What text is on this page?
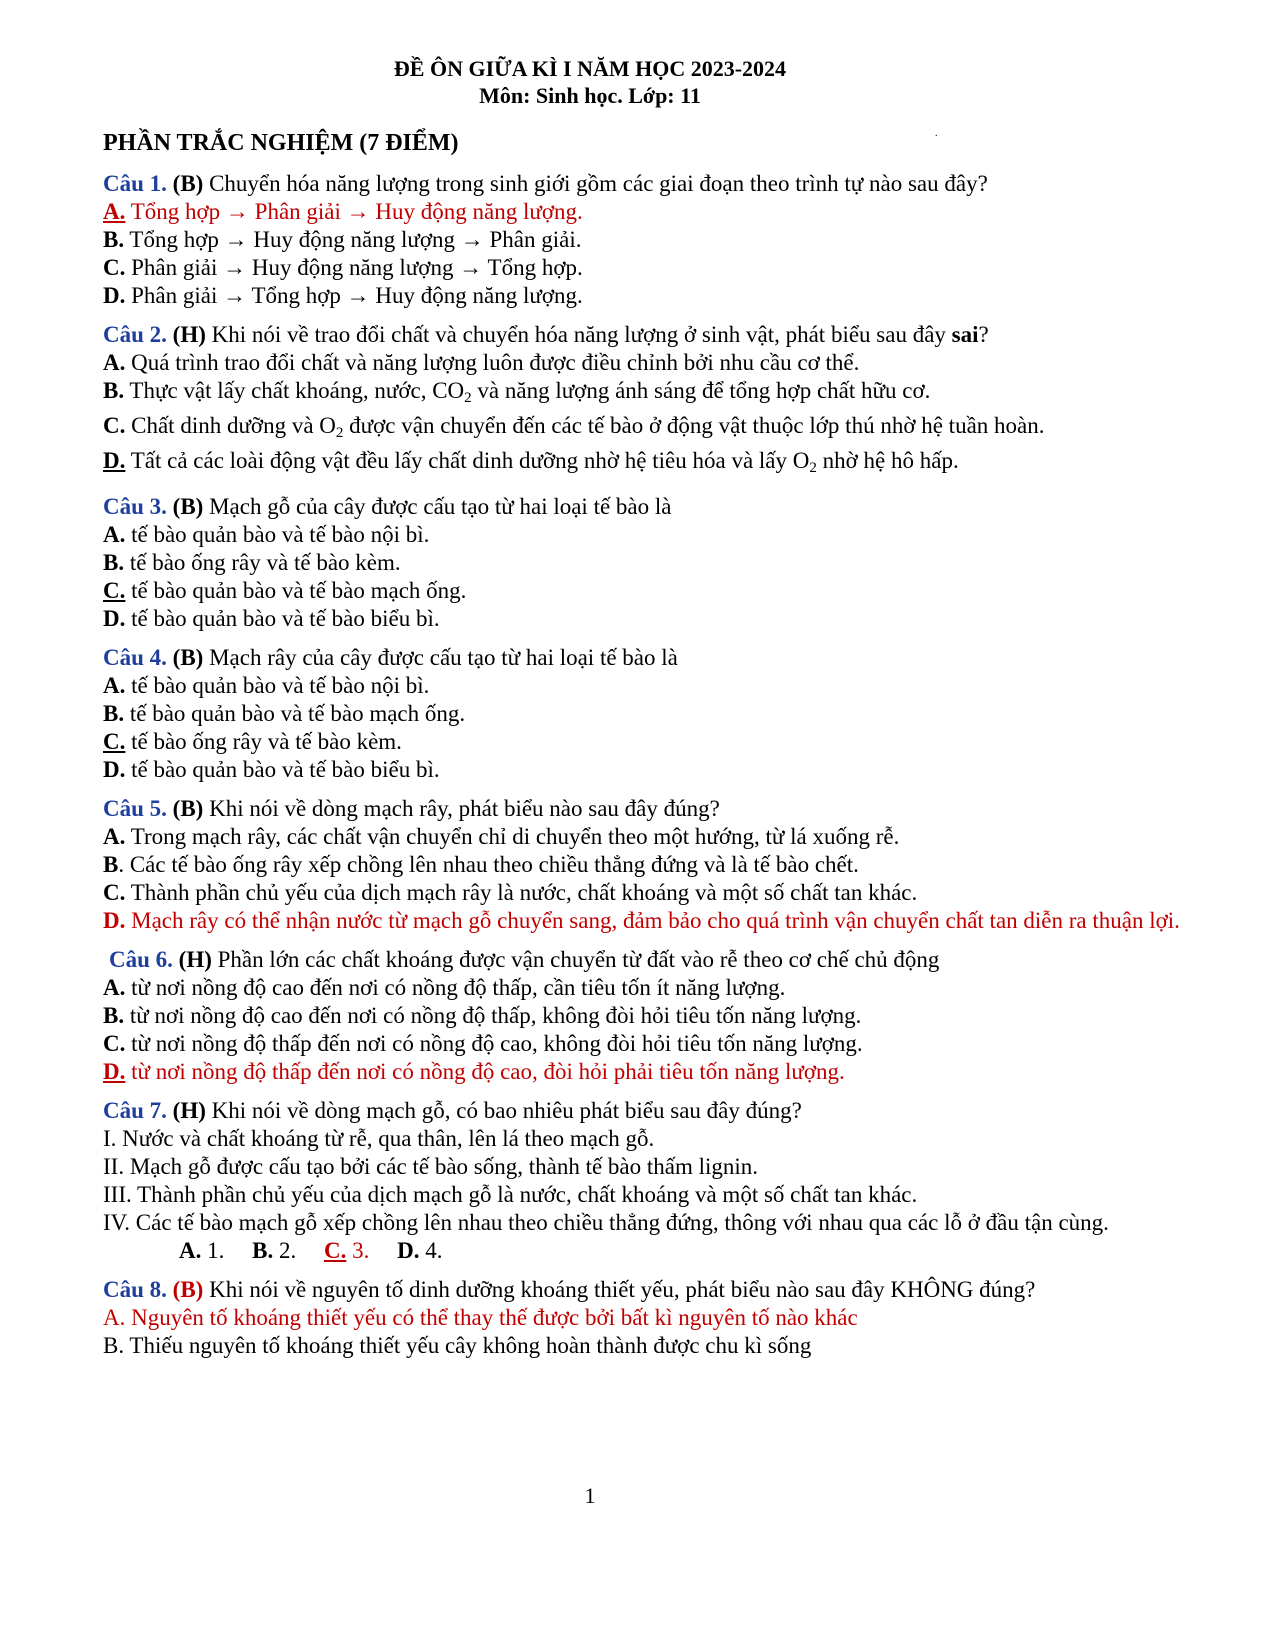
ĐỀ ÔN GIỮA KÌ I NĂM HỌC 2023-2024
Môn: Sinh học. Lớp: 11
.
PHẦN TRẮC NGHIỆM (7 ĐIỂM)
Câu 1. (B) Chuyển hóa năng lượng trong sinh giới gồm các giai đoạn theo trình tự nào sau đây?
A. Tổng hợp → Phân giải → Huy động năng lượng.
B. Tổng hợp → Huy động năng lượng → Phân giải.
C. Phân giải → Huy động năng lượng → Tổng hợp.
D. Phân giải → Tổng hợp → Huy động năng lượng.
Câu 2. (H) Khi nói về trao đổi chất và chuyển hóa năng lượng ở sinh vật, phát biểu sau đây sai?
A. Quá trình trao đổi chất và năng lượng luôn được điều chỉnh bởi nhu cầu cơ thể.
B. Thực vật lấy chất khoáng, nước, $CO_2$ và năng lượng ánh sáng để tổng hợp chất hữu cơ.
C. Chất dinh dưỡng và $O_2$ được vận chuyển đến các tế bào ở động vật thuộc lớp thú nhờ hệ tuần hoàn.
D. Tất cả các loài động vật đều lấy chất dinh dưỡng nhờ hệ tiêu hóa và lấy $O_2$ nhờ hệ hô hấp.
Câu 3. (B) Mạch gỗ của cây được cấu tạo từ hai loại tế bào là
A. tế bào quản bào và tế bào nội bì.
B. tế bào ống rây và tế bào kèm.
C. tế bào quản bào và tế bào mạch ống.
D. tế bào quản bào và tế bào biểu bì.
Câu 4. (B) Mạch rây của cây được cấu tạo từ hai loại tế bào là
A. tế bào quản bào và tế bào nội bì.
B. tế bào quản bào và tế bào mạch ống.
C. tế bào ống rây và tế bào kèm.
D. tế bào quản bào và tế bào biểu bì.
Câu 5. (B) Khi nói về dòng mạch rây, phát biểu nào sau đây đúng?
A. Trong mạch rây, các chất vận chuyển chỉ di chuyển theo một hướng, từ lá xuống rễ.
B. Các tế bào ống rây xếp chồng lên nhau theo chiều thẳng đứng và là tế bào chết.
C. Thành phần chủ yếu của dịch mạch rây là nước, chất khoáng và một số chất tan khác.
D. Mạch rây có thể nhận nước từ mạch gỗ chuyển sang, đảm bảo cho quá trình vận chuyển chất tan diễn ra thuận lợi.
Câu 6. (H) Phần lớn các chất khoáng được vận chuyển từ đất vào rễ theo cơ chế chủ động
A. từ nơi nồng độ cao đến nơi có nồng độ thấp, cần tiêu tốn ít năng lượng.
B. từ nơi nồng độ cao đến nơi có nồng độ thấp, không đòi hỏi tiêu tốn năng lượng.
C. từ nơi nồng độ thấp đến nơi có nồng độ cao, không đòi hỏi tiêu tốn năng lượng.
D. từ nơi nồng độ thấp đến nơi có nồng độ cao, đòi hỏi phải tiêu tốn năng lượng.
Câu 7. (H) Khi nói về dòng mạch gỗ, có bao nhiêu phát biểu sau đây đúng?
I. Nước và chất khoáng từ rễ, qua thân, lên lá theo mạch gỗ.
II. Mạch gỗ được cấu tạo bởi các tế bào sống, thành tế bào thấm lignin.
III. Thành phần chủ yếu của dịch mạch gỗ là nước, chất khoáng và một số chất tan khác.
IV. Các tế bào mạch gỗ xếp chồng lên nhau theo chiều thẳng đứng, thông với nhau qua các lỗ ở đầu tận cùng.
A. 1. B. 2. C. 3. D. 4.
Câu 8. (B) Khi nói về nguyên tố dinh dưỡng khoáng thiết yếu, phát biểu nào sau đây KHÔNG đúng?
A. Nguyên tố khoáng thiết yếu có thể thay thế được bởi bất kì nguyên tố nào khác
B. Thiếu nguyên tố khoáng thiết yếu cây không hoàn thành được chu kì sống
1
